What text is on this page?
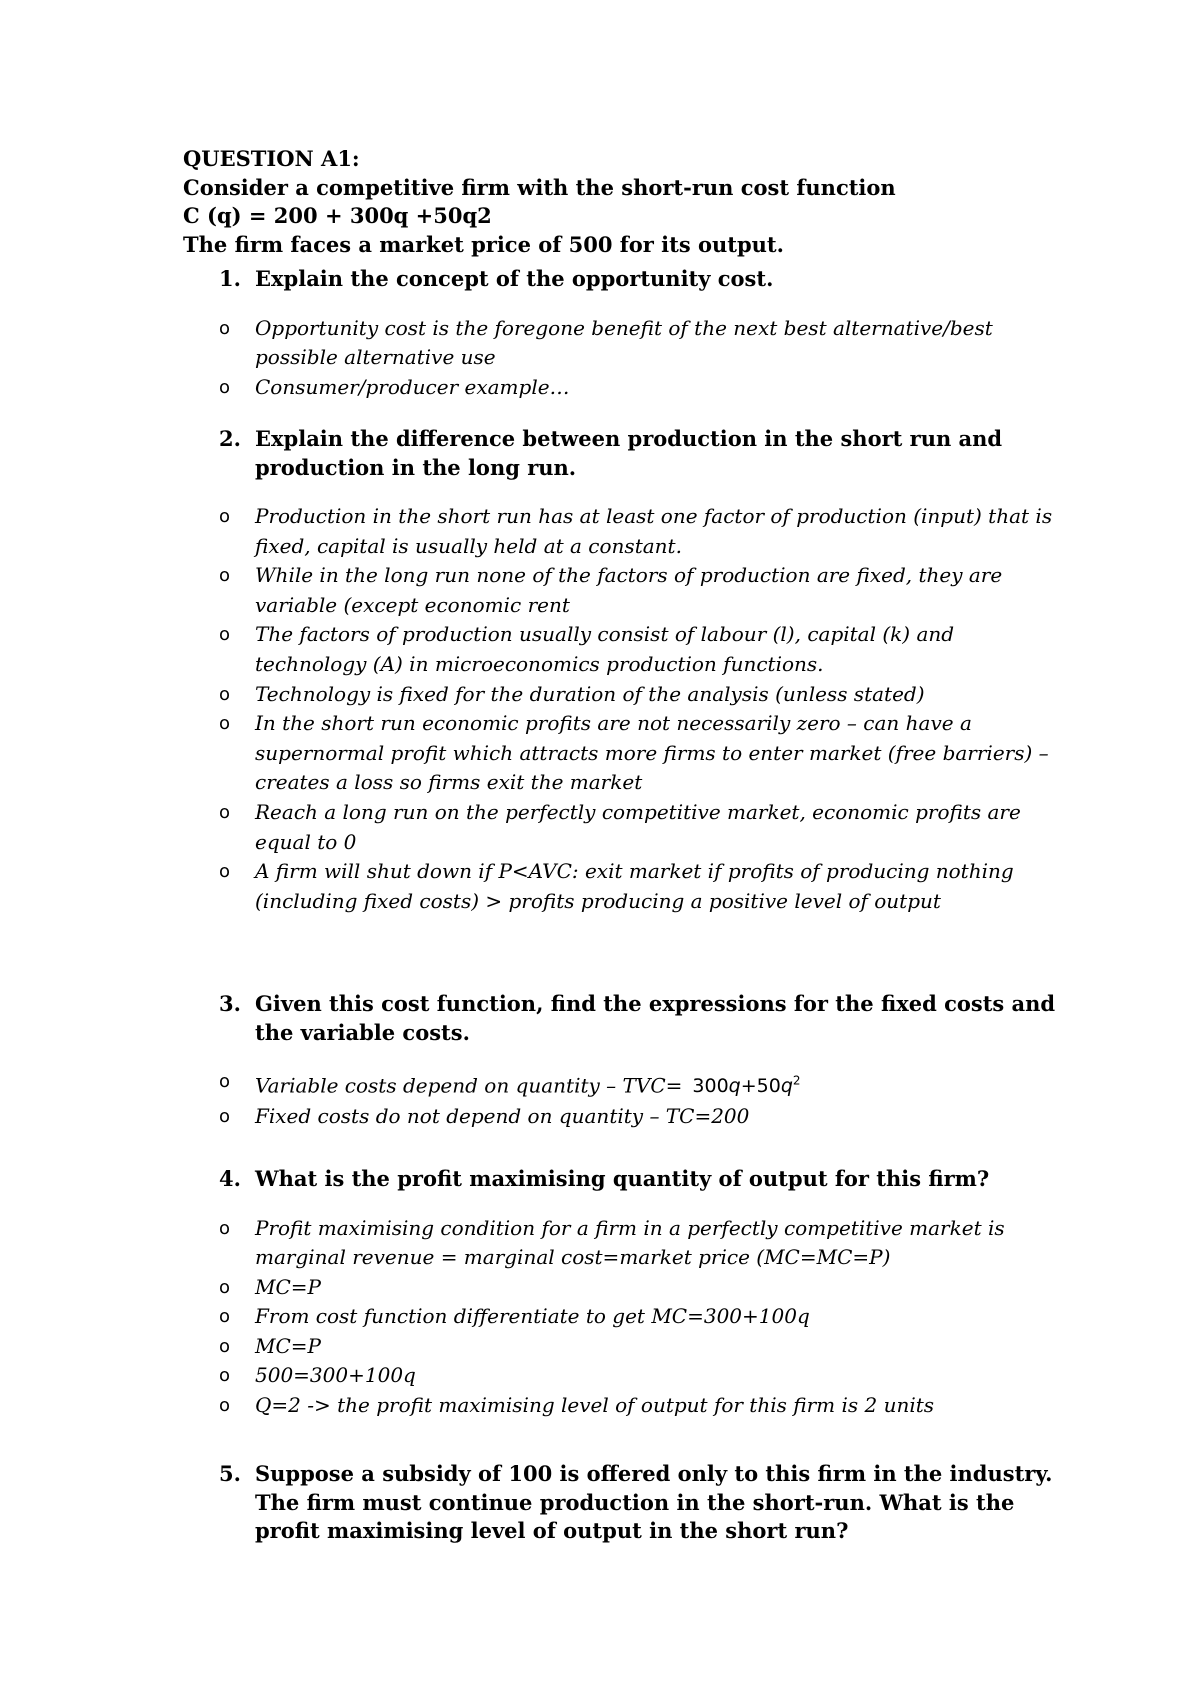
QUESTION A1:
Consider a competitive firm with the short-run cost function
C (q) = 200 + 300q +50q2
The firm faces a market price of 500 for its output.
1. Explain the concept of the opportunity cost.
o Opportunity cost is the foregone benefit of the next best alternative/best possible alternative use
o Consumer/producer example…
2. Explain the difference between production in the short run and production in the long run.
o Production in the short run has at least one factor of production (input) that is fixed, capital is usually held at a constant.
o While in the long run none of the factors of production are fixed, they are variable (except economic rent
o The factors of production usually consist of labour (l), capital (k) and technology (A) in microeconomics production functions.
o Technology is fixed for the duration of the analysis (unless stated)
o In the short run economic profits are not necessarily zero – can have a supernormal profit which attracts more firms to enter market (free barriers) – creates a loss so firms exit the market
o Reach a long run on the perfectly competitive market, economic profits are equal to 0
o A firm will shut down if P<AVC: exit market if profits of producing nothing (including fixed costs) > profits producing a positive level of output
3. Given this cost function, find the expressions for the fixed costs and the variable costs.
o Variable costs depend on quantity – $TVC= 300q+50q^2$
o Fixed costs do not depend on quantity – TC=200
4. What is the profit maximising quantity of output for this firm?
o Profit maximising condition for a firm in a perfectly competitive market is marginal revenue = marginal cost=market price (MC=MC=P)
o MC=P
o From cost function differentiate to get MC=300+100q
o MC=P
o 500=300+100q
o Q=2 -> the profit maximising level of output for this firm is 2 units
5. Suppose a subsidy of 100 is offered only to this firm in the industry. The firm must continue production in the short-run. What is the profit maximising level of output in the short run?
